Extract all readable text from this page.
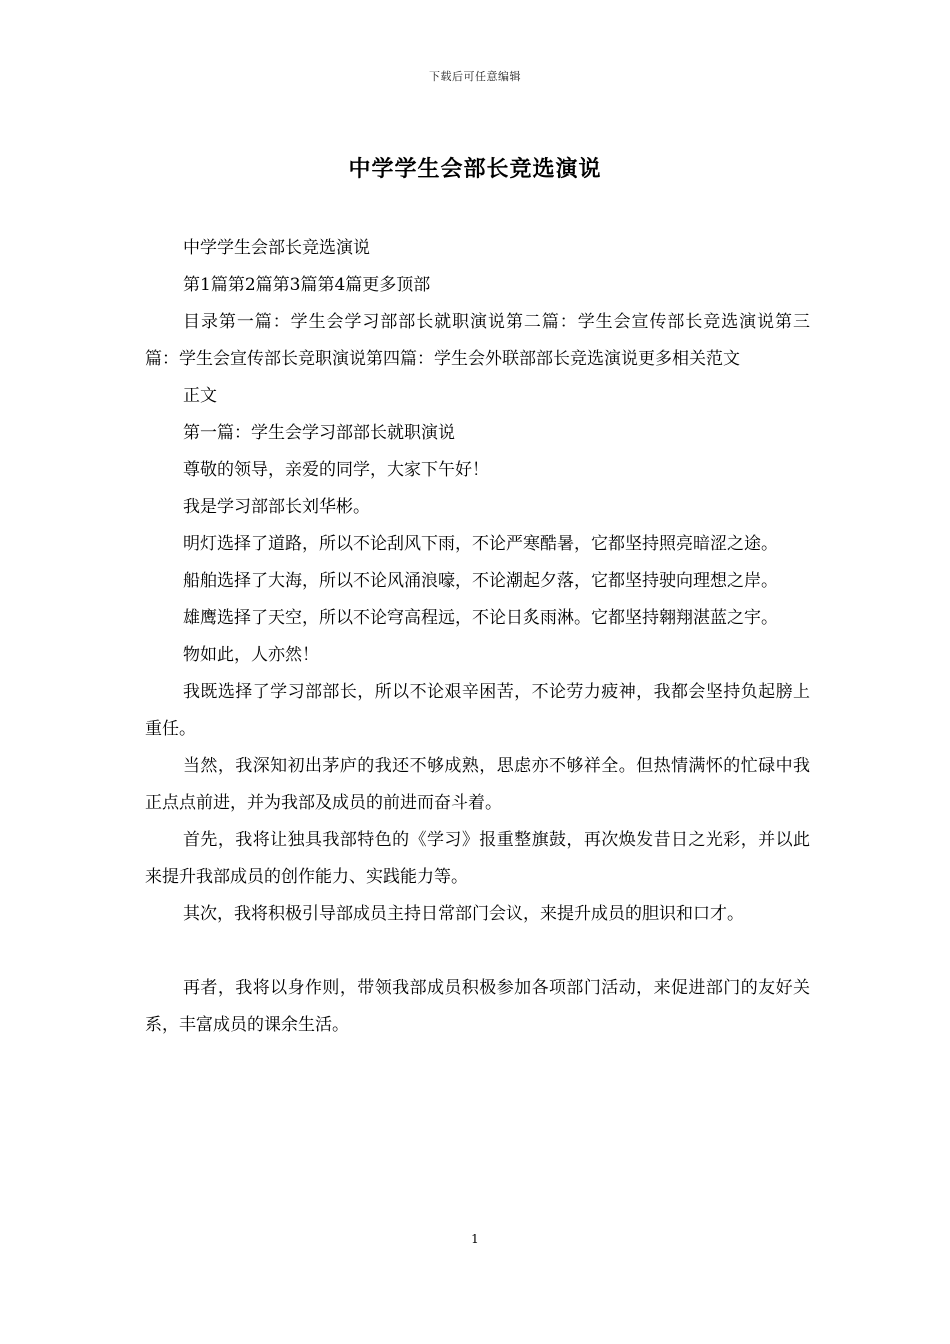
下载后可任意编辑
中学学生会部长竞选演说

中学学生会部长竞选演说

第1篇第2篇第3篇第4篇更多顶部

目录第一篇：学生会学习部部长就职演说第二篇：学生会宣传部长竞选演说第三篇：学生会宣传部长竞职演说第四篇：学生会外联部部长竞选演说更多相关范文

正文

第一篇：学生会学习部部长就职演说

尊敬的领导，亲爱的同学，大家下午好！

我是学习部部长刘华彬。

明灯选择了道路，所以不论刮风下雨，不论严寒酷暑，它都坚持照亮暗涩之途。

船舶选择了大海，所以不论风涌浪嚎，不论潮起夕落，它都坚持驶向理想之岸。

雄鹰选择了天空，所以不论穹高程远，不论日炙雨淋。它都坚持翱翔湛蓝之宇。

物如此，人亦然！

我既选择了学习部部长，所以不论艰辛困苦，不论劳力疲神，我都会坚持负起膀上重任。

当然，我深知初出茅庐的我还不够成熟，思虑亦不够祥全。但热情满怀的忙碌中我正点点前进，并为我部及成员的前进而奋斗着。

首先，我将让独具我部特色的《学习》报重整旗鼓，再次焕发昔日之光彩，并以此来提升我部成员的创作能力、实践能力等。

其次，我将积极引导部成员主持日常部门会议，来提升成员的胆识和口才。

再者，我将以身作则，带领我部成员积极参加各项部门活动，来促进部门的友好关系，丰富成员的课余生活。

1
